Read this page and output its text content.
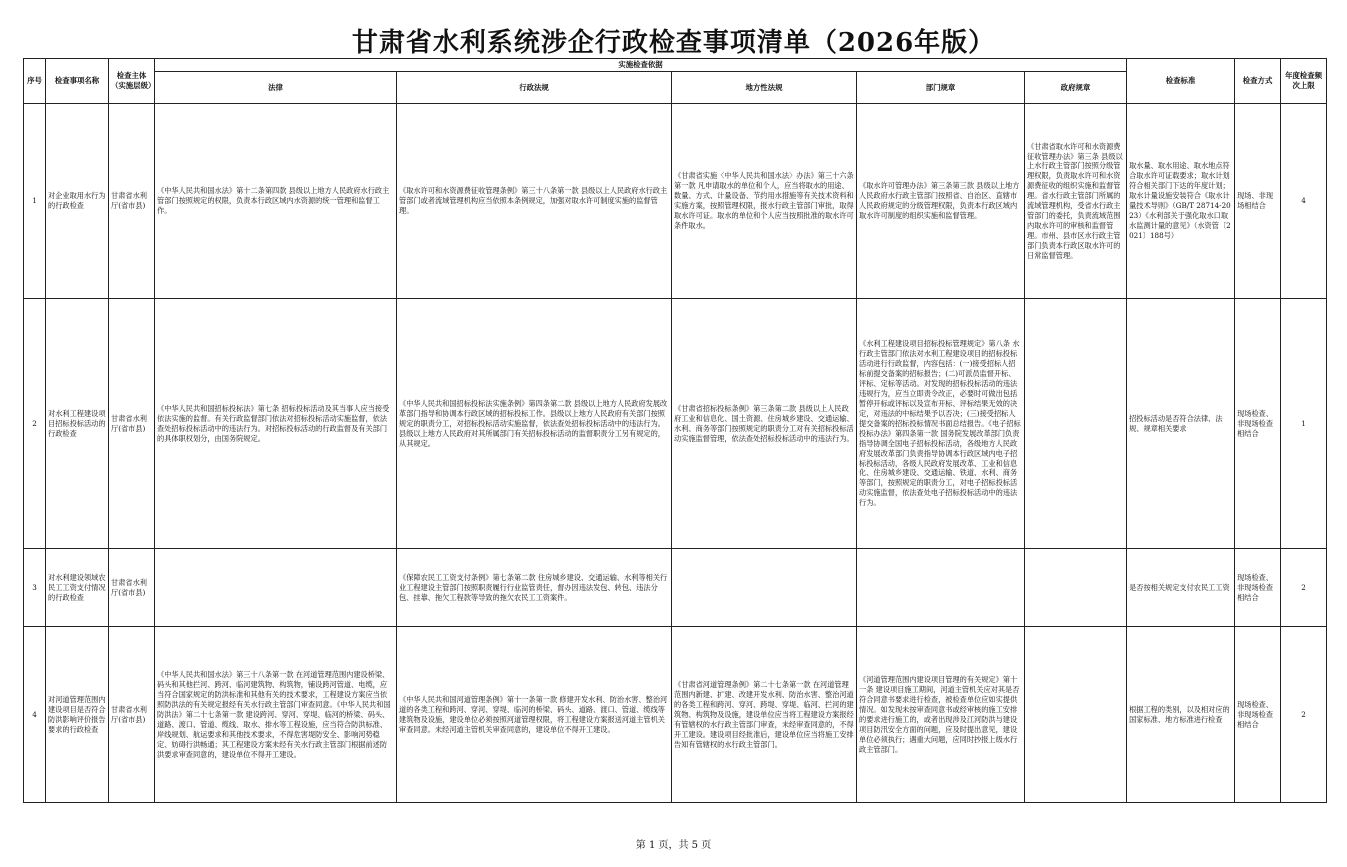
甘肃省水利系统涉企行政检查事项清单（2026年版）
序号	检查事项名称	检查主体（实施层级）	实施检查依据					检查标准	检查方式	年度检查频次上限
			法律	行政法规	地方性法规	部门规章	政府规章			
1	对企业取用水行为的行政检查	甘肃省水利厅(省市县)	《中华人民共和国水法》第十二条第四款 县级以上地方人民政府水行政主管部门按照规定的权限，负责本行政区域内水资源的统一管理和监督工作。	《取水许可和水资源费征收管理条例》第三十八条第一款 县级以上人民政府水行政主管部门或者流域管理机构应当依照本条例规定，加强对取水许可制度实施的监督管理。	《甘肃省实施〈中华人民共和国水法〉办法》第三十六条第一款 凡申请取水的单位和个人，应当将取水的用途、数量、方式、计量设备、节约用水措施等有关技术资料和实施方案，按照管理权限，报水行政主管部门审批，取得取水许可证。取水的单位和个人应当按照批准的取水许可条件取水。	《取水许可管理办法》第三条第三款 县级以上地方人民政府水行政主管部门按照省、自治区、直辖市人民政府规定的分级管理权限，负责本行政区域内取水许可制度的组织实施和监督管理。	《甘肃省取水许可和水资源费征收管理办法》第三条 县级以上水行政主管部门按照分级管理权限，负责取水许可和水资源费征收的组织实施和监督管理。省水行政主管部门所属的流域管理机构，受省水行政主管部门的委托，负责流域范围内取水许可的审核和监督管理。市州、县市区水行政主管部门负责本行政区取水许可的日常监督管理。	取水量、取水用途、取水地点符合取水许可证载要求；取水计划符合相关部门下达的年度计划；取水计量设施安装符合《取水计量技术导则》（GB/T 28714-2023）《水利部关于强化取水口取水监测计量的意见》（水资管〔2021〕188号）	现场、非现场相结合	4
2	对水利工程建设项目招标投标活动的行政检查	甘肃省水利厅(省市县)	《中华人民共和国招标投标法》第七条 招标投标活动及其当事人应当接受依法实施的监督。有关行政监督部门依法对招标投标活动实施监督，依法查处招标投标活动中的违法行为。对招标投标活动的行政监督及有关部门的具体职权划分，由国务院规定。	《中华人民共和国招标投标法实施条例》第四条第二款 县级以上地方人民政府发展改革部门指导和协调本行政区域的招标投标工作。县级以上地方人民政府有关部门按照规定的职责分工，对招标投标活动实施监督，依法查处招标投标活动中的违法行为。县级以上地方人民政府对其所属部门有关招标投标活动的监督职责分工另有规定的，从其规定。	《甘肃省招标投标条例》第三条第二款 县级以上人民政府工业和信息化、国土资源、住房城乡建设、交通运输、水利、商务等部门按照规定的职责分工对有关招标投标活动实施监督管理，依法查处招标投标活动中的违法行为。	《水利工程建设项目招标投标管理规定》第八条 水行政主管部门依法对水利工程建设项目的招标投标活动进行行政监督，内容包括：(一)接受招标人招标前提交备案的招标报告；(二)可派员监督开标、评标、定标等活动。对发现的招标投标活动的违法违规行为，应当立即责令改正，必要时可做出包括暂停开标或评标以及宣布开标、评标结果无效的决定，对违法的中标结果予以否决；(三)接受招标人提交备案的招标投标情况书面总结报告。《电子招标投标办法》第四条第一款 国务院发展改革部门负责指导协调全国电子招标投标活动，各级地方人民政府发展改革部门负责指导协调本行政区域内电子招标投标活动，各级人民政府发展改革、工业和信息化、住房城乡建设、交通运输、铁道、水利、商务等部门，按照规定的职责分工，对电子招标投标活动实施监督，依法查处电子招标投标活动中的违法行为。		招投标活动是否符合法律、法规、规章相关要求	现场检查、非现场检查相结合	1
3	对水利建设领域农民工工资支付情况的行政检查	甘肃省水利厅(省市县)		《保障农民工工资支付条例》第七条第二款 住房城乡建设、交通运输、水利等相关行业工程建设主管部门按照职责履行行业监管责任，督办因违法发包、转包、违法分包、挂靠、拖欠工程款等导致的拖欠农民工工资案件。				是否按相关规定支付农民工工资	现场检查、非现场检查相结合	2
4	对河道管理范围内建设项目是否符合防洪影响评价报告要求的行政检查	甘肃省水利厅(省市县)	《中华人民共和国水法》第三十八条第一款 在河道管理范围内建设桥梁、码头和其他拦河、跨河、临河建筑物、构筑物，铺设跨河管道、电缆，应当符合国家规定的防洪标准和其他有关的技术要求，工程建设方案应当依照防洪法的有关规定报经有关水行政主管部门审查同意。《中华人民共和国防洪法》第二十七条第一款 建设跨河、穿河、穿堤、临河的桥梁、码头、道路、渡口、管道、缆线、取水、排水等工程设施，应当符合防洪标准、岸线规划、航运要求和其他技术要求，不得危害堤防安全、影响河势稳定、妨碍行洪畅通；其工程建设方案未经有关水行政主管部门根据前述防洪要求审查同意的，建设单位不得开工建设。	《中华人民共和国河道管理条例》第十一条第一款 修建开发水利、防治水害、整治河道的各类工程和跨河、穿河、穿堤、临河的桥梁、码头、道路、渡口、管道、缆线等建筑物及设施，建设单位必须按照河道管理权限，将工程建设方案报送河道主管机关审查同意。未经河道主管机关审查同意的，建设单位不得开工建设。	《甘肃省河道管理条例》第二十七条第一款 在河道管理范围内新建、扩建、改建开发水利、防治水害、整治河道的各类工程和跨河、穿河、跨堤、穿堤、临河、拦河的建筑物、构筑物及设施，建设单位应当将工程建设方案报经有管辖权的水行政主管部门审查，未经审查同意的，不得开工建设。建设项目经批准后，建设单位应当将施工安排告知有管辖权的水行政主管部门。	《河道管理范围内建设项目管理的有关规定》第十一条 建设项目施工期间，河道主管机关应对其是否符合同意书要求进行检查，被检查单位应如实提供情况。如发现未按审查同意书或经审核的施工安排的要求进行施工的，或者出现涉及江河防洪与建设项目防汛安全方面的问题，应及时提出意见，建设单位必须执行；遇重大问题，应同时抄报上级水行政主管部门。		根据工程的类别，以及相对应的国家标准、地方标准进行检查	现场检查、非现场检查相结合	2
第 1 页，共 5 页
